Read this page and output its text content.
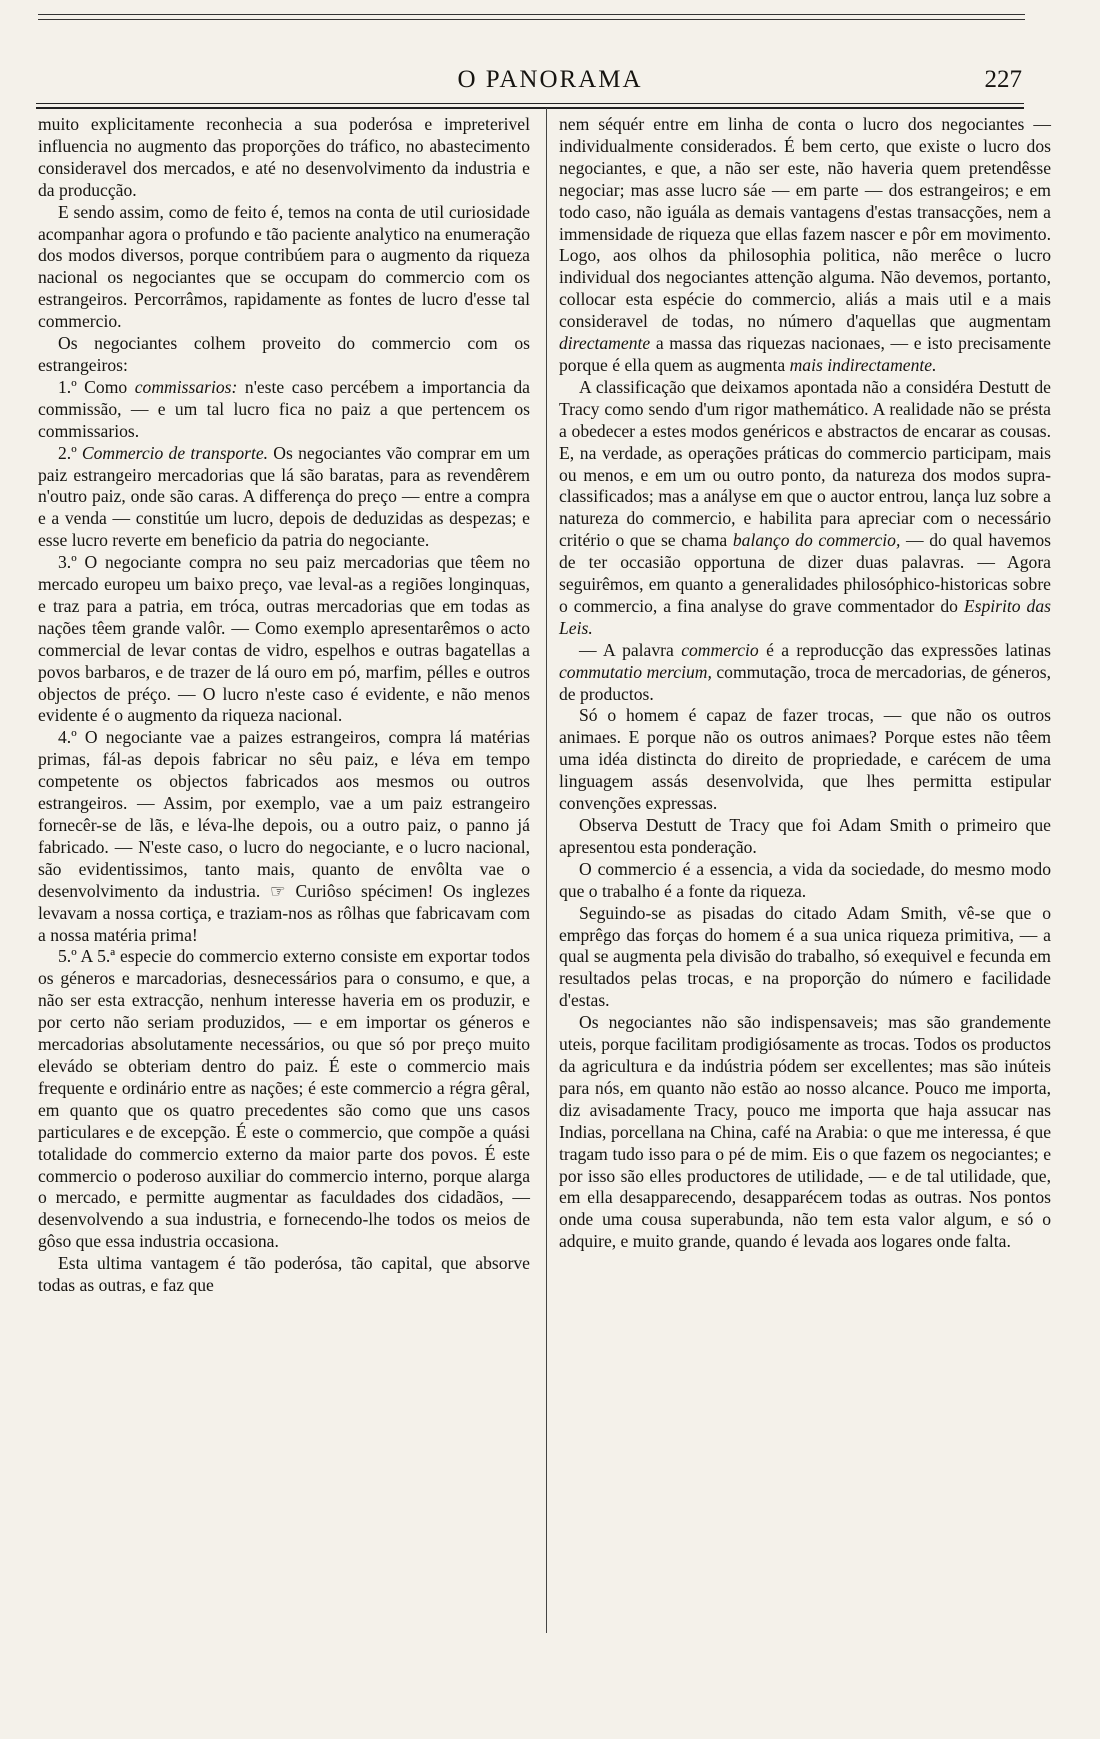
O PANORAMA	227

muito explicitamente reconhecia a sua poderósa e impreterivel influencia no augmento das proporções do tráfico, no abastecimento consideravel dos mercados, e até no desenvolvimento da industria e da producção.

E sendo assim, como de feito é, temos na conta de util curiosidade acompanhar agora o profundo e tão paciente analytico na enumeração dos modos diversos, porque contribúem para o augmento da riqueza nacional os negociantes que se occupam do commercio com os estrangeiros. Percorrâmos, rapidamente as fontes de lucro d'esse tal commercio.

Os negociantes colhem proveito do commercio com os estrangeiros:

1.º Como commissarios: n'este caso percébem a importancia da commissão, — e um tal lucro fica no paiz a que pertencem os commissarios.

2.º Commercio de transporte. Os negociantes vão comprar em um paiz estrangeiro mercadorias que lá são baratas, para as revendêrem n'outro paiz, onde são caras. A differença do preço — entre a compra e a venda — constitúe um lucro, depois de deduzidas as despezas; e esse lucro reverte em beneficio da patria do negociante.

3.º O negociante compra no seu paiz mercadorias que têem no mercado europeu um baixo preço, vae leval-as a regiões longinquas, e traz para a patria, em tróca, outras mercadorias que em todas as nações têem grande valôr. — Como exemplo apresentarêmos o acto commercial de levar contas de vidro, espelhos e outras bagatellas a povos barbaros, e de trazer de lá ouro em pó, marfim, pélles e outros objectos de préço. — O lucro n'este caso é evidente, e não menos evidente é o augmento da riqueza nacional.

4.º O negociante vae a paizes estrangeiros, compra lá matérias primas, fál-as depois fabricar no sêu paiz, e léva em tempo competente os objectos fabricados aos mesmos ou outros estrangeiros. — Assim, por exemplo, vae a um paiz estrangeiro fornecêr-se de lãs, e léva-lhe depois, ou a outro paiz, o panno já fabricado. — N'este caso, o lucro do negociante, e o lucro nacional, são evidentissimos, tanto mais, quanto de envôlta vae o desenvolvimento da industria. ☞ Curiôso spécimen! Os inglezes levavam a nossa cortiça, e traziam-nos as rôlhas que fabricavam com a nossa matéria prima!

5.º A 5.ª especie do commercio externo consiste em exportar todos os géneros e marcadorias, desnecessários para o consumo, e que, a não ser esta extracção, nenhum interesse haveria em os produzir, e por certo não seriam produzidos, — e em importar os géneros e mercadorias absolutamente necessários, ou que só por preço muito elevádo se obteriam dentro do paiz. É este o commercio mais frequente e ordinário entre as nações; é este commercio a régra gêral, em quanto que os quatro precedentes são como que uns casos particulares e de excepção. É este o commercio, que compõe a quási totalidade do commercio externo da maior parte dos povos. É este commercio o poderoso auxiliar do commercio interno, porque alarga o mercado, e permitte augmentar as faculdades dos cidadãos, — desenvolvendo a sua industria, e fornecendo-lhe todos os meios de gôso que essa industria occasiona.

Esta ultima vantagem é tão poderósa, tão capital, que absorve todas as outras, e faz que

nem séquér entre em linha de conta o lucro dos negociantes — individualmente considerados. É bem certo, que existe o lucro dos negociantes, e que, a não ser este, não haveria quem pretendêsse negociar; mas asse lucro sáe — em parte — dos estrangeiros; e em todo caso, não iguála as demais vantagens d'estas transacções, nem a immensidade de riqueza que ellas fazem nascer e pôr em movimento. Logo, aos olhos da philosophia politica, não merêce o lucro individual dos negociantes attenção alguma. Não devemos, portanto, collocar esta espécie do commercio, aliás a mais util e a mais consideravel de todas, no número d'aquellas que augmentam directamente a massa das riquezas nacionaes, — e isto precisamente porque é ella quem as augmenta mais indirectamente.

A classificação que deixamos apontada não a considéra Destutt de Tracy como sendo d'um rigor mathemático. A realidade não se présta a obedecer a estes modos genéricos e abstractos de encarar as cousas. E, na verdade, as operações práticas do commercio participam, mais ou menos, e em um ou outro ponto, da natureza dos modos supra-classificados; mas a anályse em que o auctor entrou, lança luz sobre a natureza do commercio, e habilita para apreciar com o necessário critério o que se chama balanço do commercio, — do qual havemos de ter occasião opportuna de dizer duas palavras. — Agora seguirêmos, em quanto a generalidades philosóphico-historicas sobre o commercio, a fina analyse do grave commentador do Espirito das Leis.

— A palavra commercio é a reproducção das expressões latinas commutatio mercium, commutação, troca de mercadorias, de géneros, de productos.

Só o homem é capaz de fazer trocas, — que não os outros animaes. E porque não os outros animaes? Porque estes não têem uma idéa distincta do direito de propriedade, e carécem de uma linguagem assás desenvolvida, que lhes permitta estipular convenções expressas.

Observa Destutt de Tracy que foi Adam Smith o primeiro que apresentou esta ponderação.

O commercio é a essencia, a vida da sociedade, do mesmo modo que o trabalho é a fonte da riqueza.

Seguindo-se as pisadas do citado Adam Smith, vê-se que o emprêgo das forças do homem é a sua unica riqueza primitiva, — a qual se augmenta pela divisão do trabalho, só exequivel e fecunda em resultados pelas trocas, e na proporção do número e facilidade d'estas.

Os negociantes não são indispensaveis; mas são grandemente uteis, porque facilitam prodigiósamente as trocas. Todos os productos da agricultura e da indústria pódem ser excellentes; mas são inúteis para nós, em quanto não estão ao nosso alcance. Pouco me importa, diz avisadamente Tracy, pouco me importa que haja assucar nas Indias, porcellana na China, café na Arabia: o que me interessa, é que tragam tudo isso para o pé de mim. Eis o que fazem os negociantes; e por isso são elles productores de utilidade, — e de tal utilidade, que, em ella desapparecendo, desapparécem todas as outras. Nos pontos onde uma cousa superabunda, não tem esta valor algum, e só o adquire, e muito grande, quando é levada aos logares onde falta.
